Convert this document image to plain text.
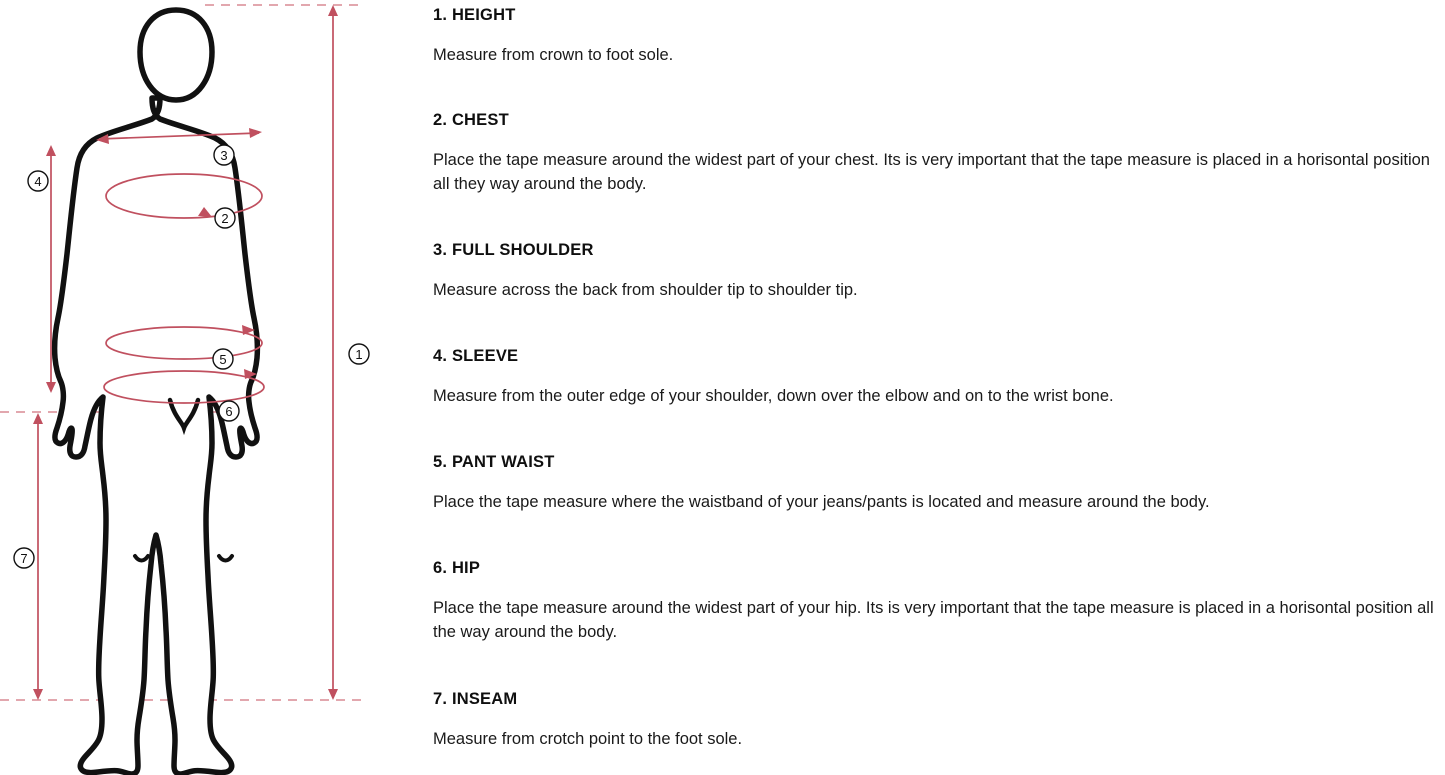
3
4
2
1
5
6
7

1. HEIGHT

Measure from crown to foot sole.

2. CHEST

Place the tape measure around the widest part of your chest. Its is very important that the tape measure is placed in a horisontal position all they way around the body.

3. FULL SHOULDER

Measure across the back from shoulder tip to shoulder tip.

4. SLEEVE

Measure from the outer edge of your shoulder, down over the elbow and on to the wrist bone.

5. PANT WAIST

Place the tape measure where the waistband of your jeans/pants is located and measure around the body.

6. HIP

Place the tape measure around the widest part of your hip. Its is very important that the tape measure is placed in a horisontal position all the way around the body.

7. INSEAM

Measure from crotch point to the foot sole.
